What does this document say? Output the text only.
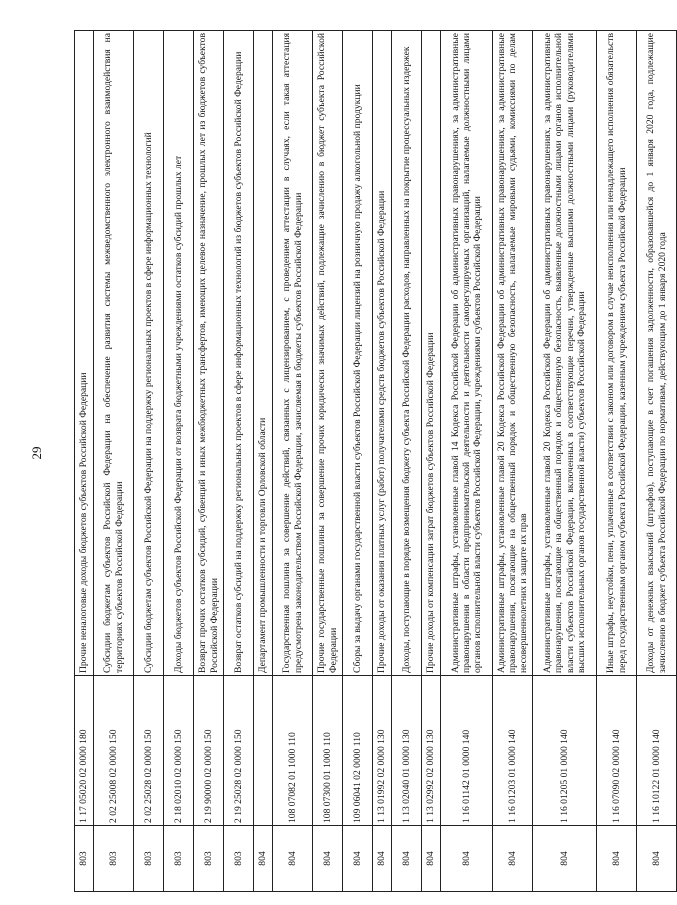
29
803	1 17 05020 02 0000 180	Прочие неналоговые доходы бюджетов субъектов Российской Федерации
803	2 02 25008 02 0000 150	Субсидии бюджетам субъектов Российской Федерации на обеспечение развития системы межведомственного электронного взаимодействия на территориях субъектов Российской Федерации
803	2 02 25028 02 0000 150	Субсидии бюджетам субъектов Российской Федерации на поддержку региональных проектов в сфере информационных технологий
803	2 18 02010 02 0000 150	Доходы бюджетов субъектов Российской Федерации от возврата бюджетными учреждениями остатков субсидий прошлых лет
803	2 19 90000 02 0000 150	Возврат прочих остатков субсидий, субвенций и иных межбюджетных трансфертов, имеющих целевое назначение, прошлых лет из бюджетов субъектов Российской Федерации
803	2 19 25028 02 0000 150	Возврат остатков субсидий на поддержку региональных проектов в сфере информационных технологий из бюджетов субъектов Российской Федерации
804		Департамент промышленности и торговли Орловской области
804	108 07082 01 1000 110	Государственная пошлина за совершение действий, связанных с лицензированием, с проведением аттестации в случаях, если такая аттестация предусмотрена законодательством Российской Федерации, зачисляемая в бюджеты субъектов Российской Федерации
804	108 07300 01 1000 110	Прочие государственные пошлины за совершение прочих юридически значимых действий, подлежащие зачислению в бюджет субъекта Российской Федерации
804	109 06041 02 0000 110	Сборы за выдачу органами государственной власти субъектов Российской Федерации лицензий на розничную продажу алкогольной продукции
804	1 13 01992 02 0000 130	Прочие доходы от оказания платных услуг (работ) получателями средств бюджетов субъектов Российской Федерации
804	1 13 02040 01 0000 130	Доходы, поступающие в порядке возмещения бюджету субъекта Российской Федерации расходов, направленных на покрытие процессуальных издержек
804	1 13 02992 02 0000 130	Прочие доходы от компенсации затрат бюджетов субъектов Российской Федерации
804	1 16 01142 01 0000 140	Административные штрафы, установленные главой 14 Кодекса Российской Федерации об административных правонарушениях, за административные правонарушения в области предпринимательской деятельности и деятельности саморегулируемых организаций, налагаемые должностными лицами органов исполнительной власти субъектов Российской Федерации, учреждениями субъектов Российской Федерации
804	1 16 01203 01 0000 140	Административные штрафы, установленные главой 20 Кодекса Российской Федерации об административных правонарушениях, за административные правонарушения, посягающие на общественный порядок и общественную безопасность, налагаемые мировыми судьями, комиссиями по делам несовершеннолетних и защите их прав
804	1 16 01205 01 0000 140	Административные штрафы, установленные главой 20 Кодекса Российской Федерации об административных правонарушениях, за административные правонарушения, посягающие на общественный порядок и общественную безопасность, выявленные должностными лицами органов исполнительной власти субъектов Российской Федерации, включенных в соответствующие перечни, утвержденные высшими должностными лицами (руководителями высших исполнительных органов государственной власти) субъектов Российской Федерации
804	1 16 07090 02 0000 140	Иные штрафы, неустойки, пени, уплаченные в соответствии с законом или договором в случае неисполнения или ненадлежащего исполнения обязательств перед государственным органом субъекта Российской Федерации, казенным учреждением субъекта Российской Федерации
804	1 16 10122 01 0000 140	Доходы от денежных взысканий (штрафов), поступающие в счет погашения задолженности, образовавшейся до 1 января 2020 года, подлежащие зачислению в бюджет субъекта Российской Федерации по нормативам, действующим до 1 января 2020 года
